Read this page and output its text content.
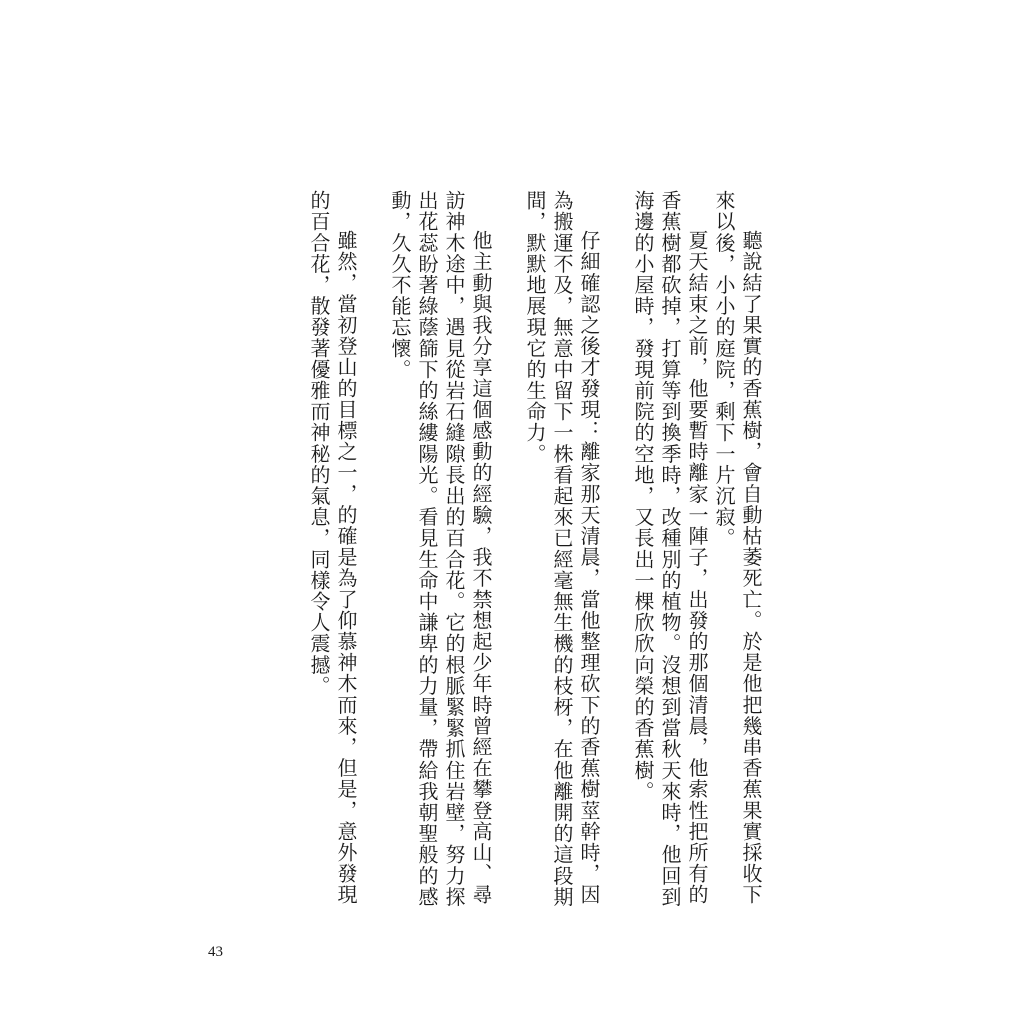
聽說結了果實的香蕉樹，會自動枯萎死亡。於是他把幾串香蕉果實採收下來以後，小小的庭院，剩下一片沉寂。

夏天結束之前，他要暫時離家一陣子，出發的那個清晨，他索性把所有的香蕉樹都砍掉，打算等到換季時，改種別的植物。沒想到當秋天來時，他回到海邊的小屋時，發現前院的空地，又長出一棵欣欣向榮的香蕉樹。

仔細確認之後才發現：離家那天清晨，當他整理砍下的香蕉樹莖幹時，因為搬運不及，無意中留下一株看起來已經毫無生機的枝枒，在他離開的這段期間，默默地展現它的生命力。

他主動與我分享這個感動的經驗，我不禁想起少年時曾經在攀登高山、尋訪神木途中，遇見從岩石縫隙長出的百合花。它的根脈緊緊抓住岩壁，努力探出花蕊盼著綠蔭篩下的絲縷陽光。看見生命中謙卑的力量，帶給我朝聖般的感動，久久不能忘懷。

雖然，當初登山的目標之一，的確是為了仰慕神木而來，但是，意外發現的百合花，散發著優雅而神秘的氣息，同樣令人震撼。

43
